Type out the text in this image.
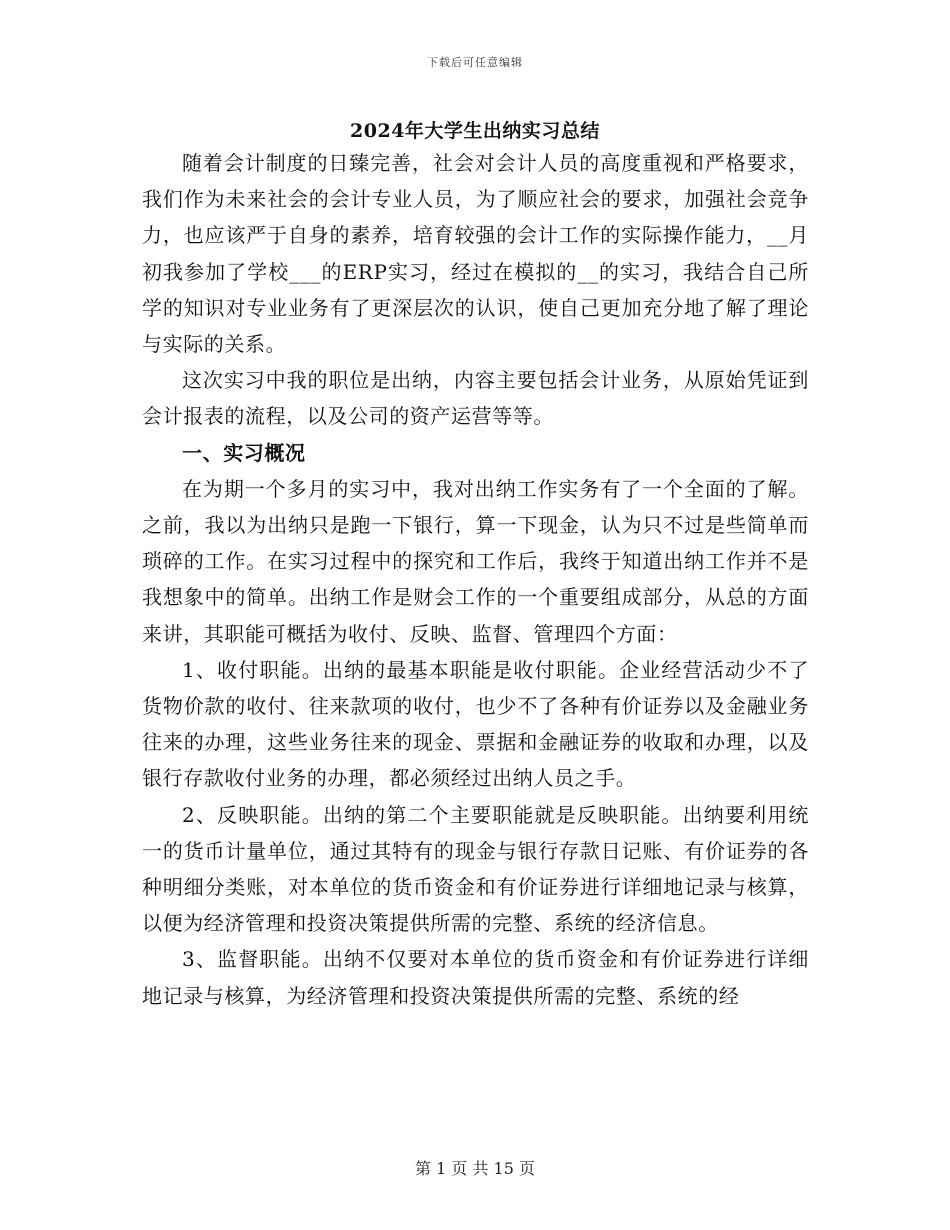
下载后可任意编辑
2024年大学生出纳实习总结

随着会计制度的日臻完善，社会对会计人员的高度重视和严格要求，我们作为未来社会的会计专业人员，为了顺应社会的要求，加强社会竞争力，也应该严于自身的素养，培育较强的会计工作的实际操作能力，__月初我参加了学校___的ERP实习，经过在模拟的__的实习，我结合自己所学的知识对专业业务有了更深层次的认识，使自己更加充分地了解了理论与实际的关系。

这次实习中我的职位是出纳，内容主要包括会计业务，从原始凭证到会计报表的流程，以及公司的资产运营等等。

一、实习概况

在为期一个多月的实习中，我对出纳工作实务有了一个全面的了解。之前，我以为出纳只是跑一下银行，算一下现金，认为只不过是些简单而琐碎的工作。在实习过程中的探究和工作后，我终于知道出纳工作并不是我想象中的简单。出纳工作是财会工作的一个重要组成部分，从总的方面来讲，其职能可概括为收付、反映、监督、管理四个方面：

1、收付职能。出纳的最基本职能是收付职能。企业经营活动少不了货物价款的收付、往来款项的收付，也少不了各种有价证券以及金融业务往来的办理，这些业务往来的现金、票据和金融证券的收取和办理，以及银行存款收付业务的办理，都必须经过出纳人员之手。

2、反映职能。出纳的第二个主要职能就是反映职能。出纳要利用统一的货币计量单位，通过其特有的现金与银行存款日记账、有价证券的各种明细分类账，对本单位的货币资金和有价证券进行详细地记录与核算，以便为经济管理和投资决策提供所需的完整、系统的经济信息。

3、监督职能。出纳不仅要对本单位的货币资金和有价证券进行详细地记录与核算，为经济管理和投资决策提供所需的完整、系统的经

第 1 页 共 15 页
